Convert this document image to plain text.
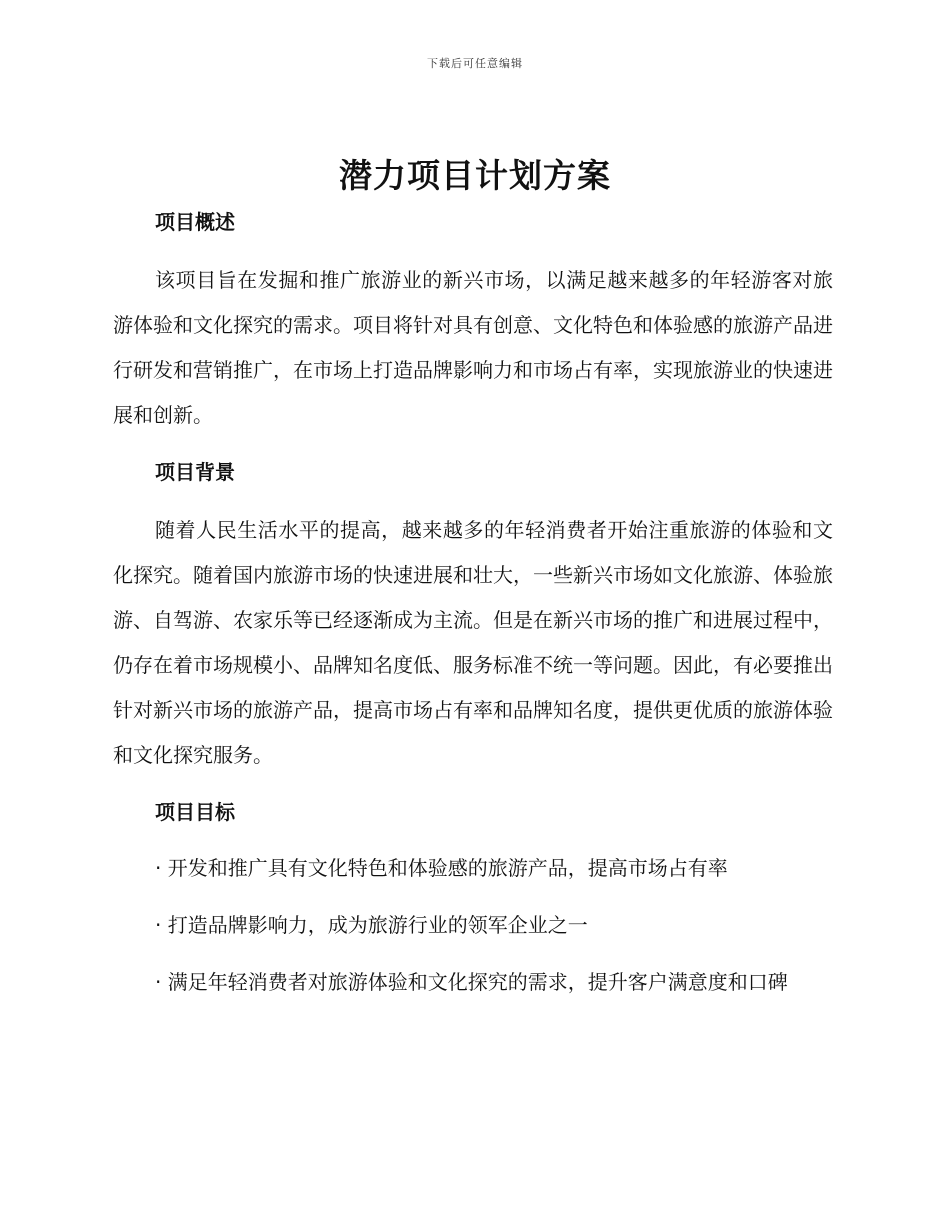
下载后可任意编辑
潜力项目计划方案
项目概述

该项目旨在发掘和推广旅游业的新兴市场，以满足越来越多的年轻游客对旅游体验和文化探究的需求。项目将针对具有创意、文化特色和体验感的旅游产品进行研发和营销推广，在市场上打造品牌影响力和市场占有率，实现旅游业的快速进展和创新。

项目背景

随着人民生活水平的提高，越来越多的年轻消费者开始注重旅游的体验和文化探究。随着国内旅游市场的快速进展和壮大，一些新兴市场如文化旅游、体验旅游、自驾游、农家乐等已经逐渐成为主流。但是在新兴市场的推广和进展过程中，仍存在着市场规模小、品牌知名度低、服务标准不统一等问题。因此，有必要推出针对新兴市场的旅游产品，提高市场占有率和品牌知名度，提供更优质的旅游体验和文化探究服务。

项目目标

· 开发和推广具有文化特色和体验感的旅游产品，提高市场占有率

· 打造品牌影响力，成为旅游行业的领军企业之一

· 满足年轻消费者对旅游体验和文化探究的需求，提升客户满意度和口碑
